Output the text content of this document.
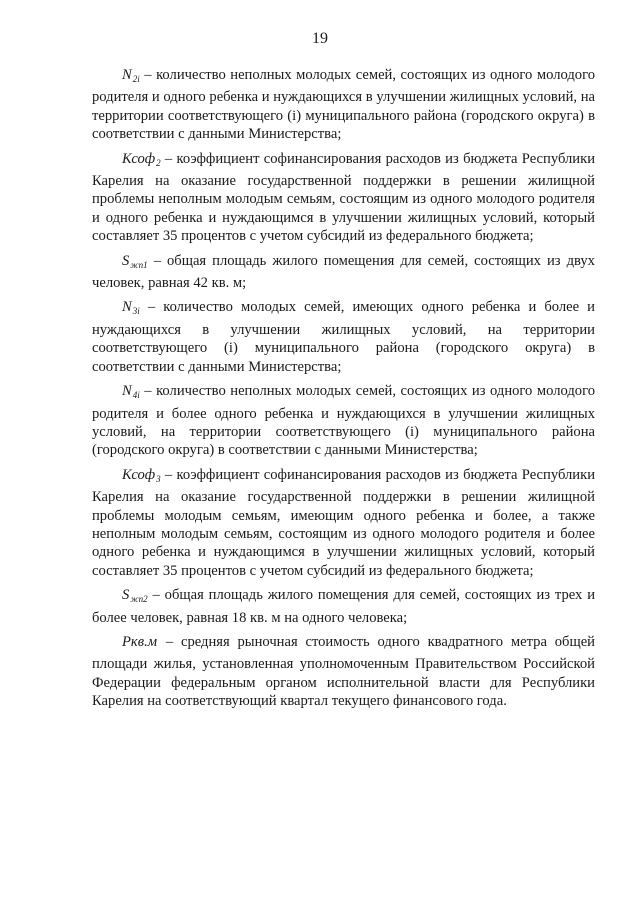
19

$N_{2i}$ – количество неполных молодых семей, состоящих из одного молодого родителя и одного ребенка и нуждающихся в улучшении жилищных условий, на территории соответствующего (i) муниципального района (городского округа) в соответствии с данными Министерства;

Ксоф$_2$ – коэффициент софинансирования расходов из бюджета Республики Карелия на оказание государственной поддержки в решении жилищной проблемы неполным молодым семьям, состоящим из одного молодого родителя и одного ребенка и нуждающимся в улучшении жилищных условий, который составляет 35 процентов с учетом субсидий из федерального бюджета;

$S_{жп1}$ – общая площадь жилого помещения для семей, состоящих из двух человек, равная 42 кв. м;

$N_{3i}$ – количество молодых семей, имеющих одного ребенка и более и нуждающихся в улучшении жилищных условий, на территории соответствующего (i) муниципального района (городского округа) в соответствии с данными Министерства;

$N_{4i}$ – количество неполных молодых семей, состоящих из одного молодого родителя и более одного ребенка и нуждающихся в улучшении жилищных условий, на территории соответствующего (i) муниципального района (городского округа) в соответствии с данными Министерства;

Ксоф$_3$ – коэффициент софинансирования расходов из бюджета Республики Карелия на оказание государственной поддержки в решении жилищной проблемы молодым семьям, имеющим одного ребенка и более, а также неполным молодым семьям, состоящим из одного молодого родителя и более одного ребенка и нуждающимся в улучшении жилищных условий, который составляет 35 процентов с учетом субсидий из федерального бюджета;

$S_{жп2}$ – общая площадь жилого помещения для семей, состоящих из трех и более человек, равная 18 кв. м на одного человека;

Ркв.м – средняя рыночная стоимость одного квадратного метра общей площади жилья, установленная уполномоченным Правительством Российской Федерации федеральным органом исполнительной власти для Республики Карелия на соответствующий квартал текущего финансового года.
